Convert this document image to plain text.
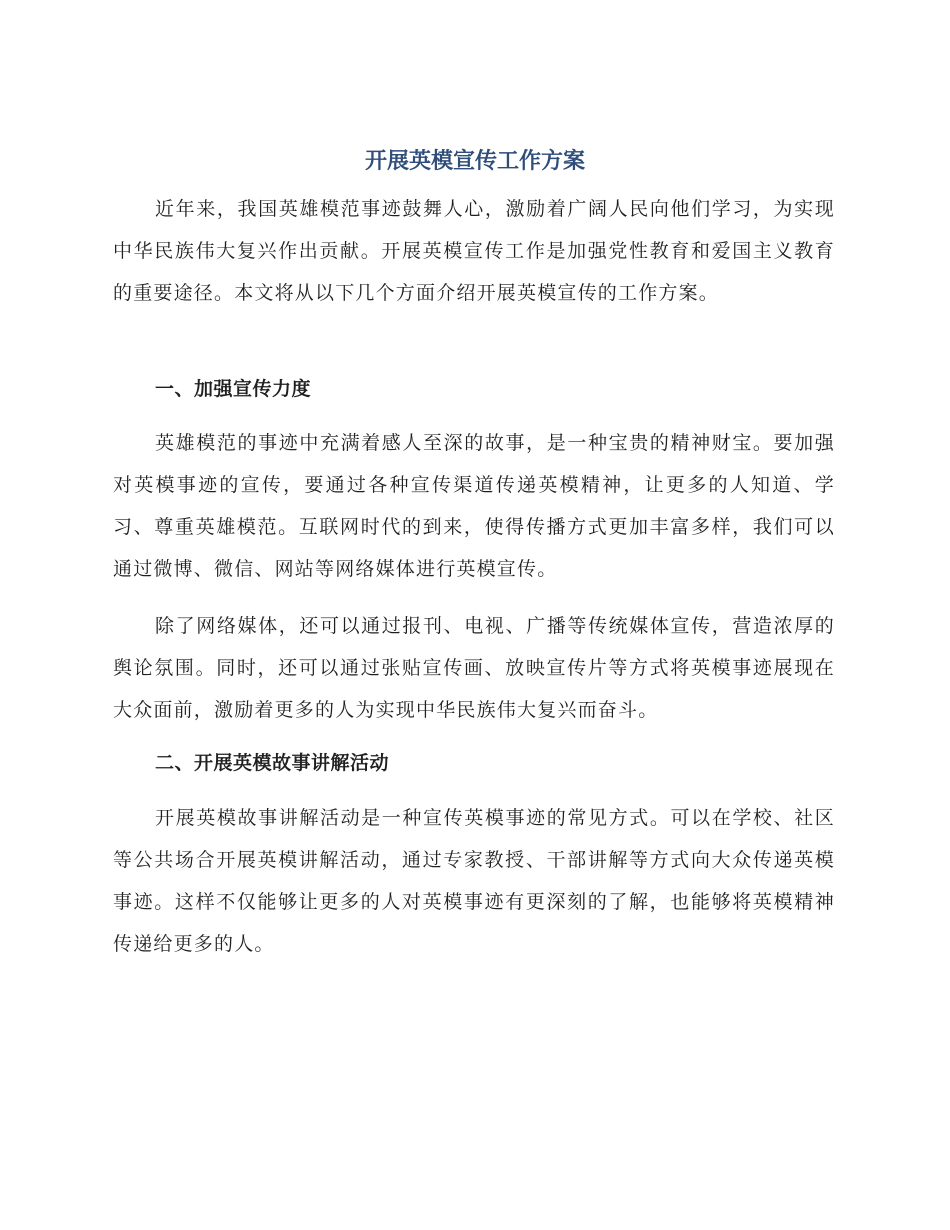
开展英模宣传工作方案

近年来，我国英雄模范事迹鼓舞人心，激励着广阔人民向他们学习，为实现中华民族伟大复兴作出贡献。开展英模宣传工作是加强党性教育和爱国主义教育的重要途径。本文将从以下几个方面介绍开展英模宣传的工作方案。

一、加强宣传力度

英雄模范的事迹中充满着感人至深的故事，是一种宝贵的精神财宝。要加强对英模事迹的宣传，要通过各种宣传渠道传递英模精神，让更多的人知道、学习、尊重英雄模范。互联网时代的到来，使得传播方式更加丰富多样，我们可以通过微博、微信、网站等网络媒体进行英模宣传。

除了网络媒体，还可以通过报刊、电视、广播等传统媒体宣传，营造浓厚的舆论氛围。同时，还可以通过张贴宣传画、放映宣传片等方式将英模事迹展现在大众面前，激励着更多的人为实现中华民族伟大复兴而奋斗。

二、开展英模故事讲解活动

开展英模故事讲解活动是一种宣传英模事迹的常见方式。可以在学校、社区等公共场合开展英模讲解活动，通过专家教授、干部讲解等方式向大众传递英模事迹。这样不仅能够让更多的人对英模事迹有更深刻的了解，也能够将英模精神传递给更多的人。
